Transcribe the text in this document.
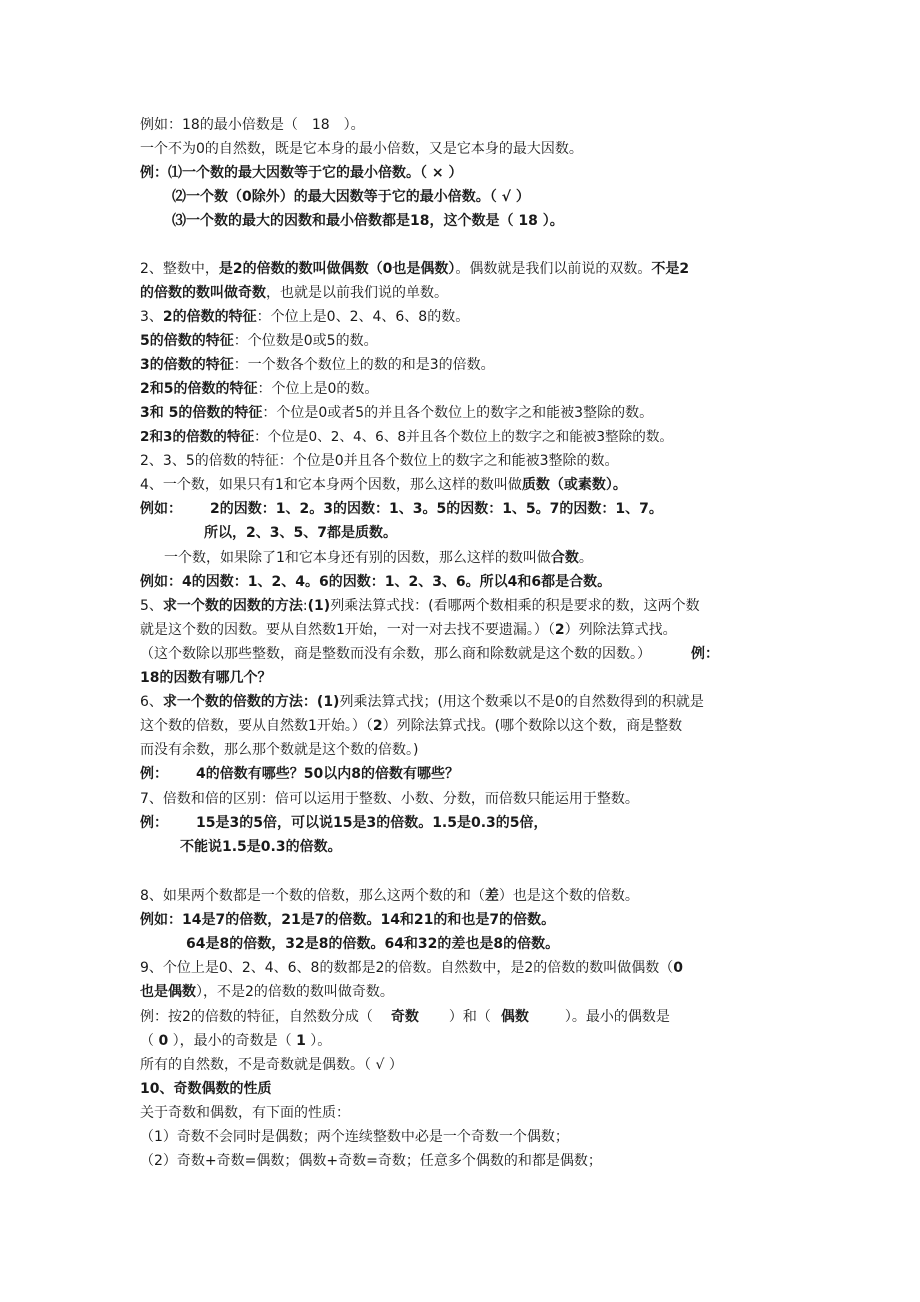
例如：18的最小倍数是（　18　）。
一个不为0的自然数，既是它本身的最小倍数，又是它本身的最大因数。
例：⑴一个数的最大因数等于它的最小倍数。（ × ）
⑵一个数（0除外）的最大因数等于它的最小倍数。（ √ ）
⑶一个数的最大的因数和最小倍数都是18，这个数是（ 18 ）。
2、整数中，是2的倍数的数叫做偶数（0也是偶数）。偶数就是我们以前说的双数。不是2
的倍数的数叫做奇数，也就是以前我们说的单数。
3、2的倍数的特征：个位上是0、2、4、6、8的数。
5的倍数的特征：个位数是0或5的数。
3的倍数的特征：一个数各个数位上的数的和是3的倍数。
2和5的倍数的特征：个位上是0的数。
3和 5的倍数的特征：个位是0或者5的并且各个数位上的数字之和能被3整除的数。
2和3的倍数的特征：个位是0、2、4、6、8并且各个数位上的数字之和能被3整除的数。
2、3、5的倍数的特征：个位是0并且各个数位上的数字之和能被3整除的数。
4、一个数，如果只有1和它本身两个因数，那么这样的数叫做质数（或素数）。
例如： 2的因数：1、2。3的因数：1、3。5的因数：1、5。7的因数：1、7。
所以，2、3、5、7都是质数。
一个数，如果除了1和它本身还有别的因数，那么这样的数叫做合数。
例如：4的因数：1、2、4。6的因数：1、2、3、6。所以4和6都是合数。
5、求一个数的因数的方法:(1)列乘法算式找：(看哪两个数相乘的积是要求的数，这两个数
就是这个数的因数。要从自然数1开始，一对一对去找不要遗漏。）（2）列除法算式找。
（这个数除以那些整数，商是整数而没有余数，那么商和除数就是这个数的因数。）	例：
18的因数有哪几个？
6、求一个数的倍数的方法：(1)列乘法算式找；(用这个数乘以不是0的自然数得到的积就是
这个数的倍数，要从自然数1开始。）（2）列除法算式找。(哪个数除以这个数，商是整数
而没有余数，那么那个数就是这个数的倍数。)
例： 4的倍数有哪些？50以内8的倍数有哪些？
7、倍数和倍的区别：倍可以运用于整数、小数、分数，而倍数只能运用于整数。
例： 15是3的5倍，可以说15是3的倍数。1.5是0.3的5倍，
不能说1.5是0.3的倍数。
8、如果两个数都是一个数的倍数，那么这两个数的和（差）也是这个数的倍数。
例如：14是7的倍数，21是7的倍数。14和21的和也是7的倍数。
64是8的倍数，32是8的倍数。64和32的差也是8的倍数。
9、个位上是0、2、4、6、8的数都是2的倍数。自然数中，是2的倍数的数叫做偶数（0
也是偶数），不是2的倍数的数叫做奇数。
例：按2的倍数的特征，自然数分成（ 奇数 ）和（ 偶数	）。最小的偶数是
（ 0 ），最小的奇数是（ 1 ）。
所有的自然数，不是奇数就是偶数。（ √ ）
10、奇数偶数的性质
关于奇数和偶数，有下面的性质：
（1）奇数不会同时是偶数；两个连续整数中必是一个奇数一个偶数；
（2）奇数+奇数=偶数；偶数+奇数=奇数；任意多个偶数的和都是偶数；
